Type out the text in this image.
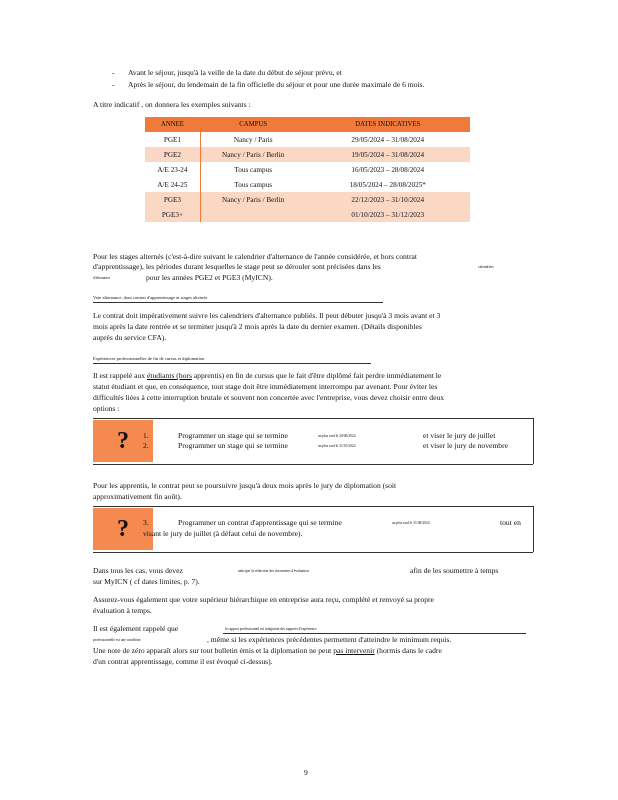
- Avant le séjour, jusqu'à la veille de la date du début de séjour prévu, et
- Après le séjour, du lendemain de la fin officielle du séjour et pour une durée maximale de 6 mois.
A titre indicatif , on donnera les exemples suivants :
ANNEE	CAMPUS	DATES INDICATIVES
PGE1	Nancy / Paris	29/05/2024 – 31/08/2024
PGE2	Nancy / Paris / Berlin	19/05/2024 – 31/08/2024
A/E 23-24	Tous campus	16/05/2023 – 28/08/2024
A/E 24-25	Tous campus	18/05/2024 – 28/08/2025*
PGE3	Nancy / Paris / Berlin	22/12/2023 – 31/10/2024
PGE3+		01/10/2023 – 31/12/2023
Pour les stages alternés (c'est-à-dire suivant le calendrier d'alternance de l'année considérée, et hors contrat
d'apprentissage), les périodes durant lesquelles le stage peut se dérouler sont précisées dans les	calendriers
d'alternance	pour les années PGE2 et PGE3 (MyICN).
Voie alternance, dont contrat d'apprentissage et stages alternés
Le contrat doit impérativement suivre les calendriers d'alternance publiés. Il peut débuter jusqu'à 3 mois avant et 3
mois après la date rentrée et se terminer jusqu'à 2 mois après la date du dernier examen. (Détails disponibles
auprès du service CFA).
Expériences professionnelles de fin de cursus et diplomation
Il est rappelé aux étudiants (hors apprentis) en fin de cursus que le fait d'être diplômé fait perdre immédiatement le
statut étudiant et que, en conséquence, tout stage doit être immédiatement interrompu par avenant. Pour éviter les
difficultés liées à cette interruption brutale et souvent non concertée avec l'entreprise, vous devez choisir entre deux
options :
?	1.	Programmer un stage qui se termine	au plus tard le 20/06/2024	et viser le jury de juillet
2.	Programmer un stage qui se termine	au plus tard le 31/10/2024	et viser le jury de novembre
Pour les apprentis, le contrat peut se poursuivre jusqu'à deux mois après le jury de diplomation (soit
approximativement fin août).
?	3.	Programmer un contrat d'apprentissage qui se termine	au plus tard le 31/08/2024	tout en
visant le jury de juillet (à défaut celui de novembre).
Dans tous les cas, vous devez	anticiper la rédaction des documents d'évaluation	afin de les soumettre à temps
sur MyICN ( cf dates limites, p. 7).
Assurez-vous également que votre supérieur hiérarchique en entreprise aura reçu, complété et renvoyé sa propre
évaluation à temps.
Il est également rappelé que	le rapport professionnel est intégrante des rapports d'expérience
professionnelle est une condition	, même si les expériences précédentes permettent d'atteindre le minimum requis.
Une note de zéro apparaît alors sur tout bulletin émis et la diplomation ne peut pas intervenir (hormis dans le cadre
d'un contrat apprentissage, comme il est évoqué ci-dessus).
9
